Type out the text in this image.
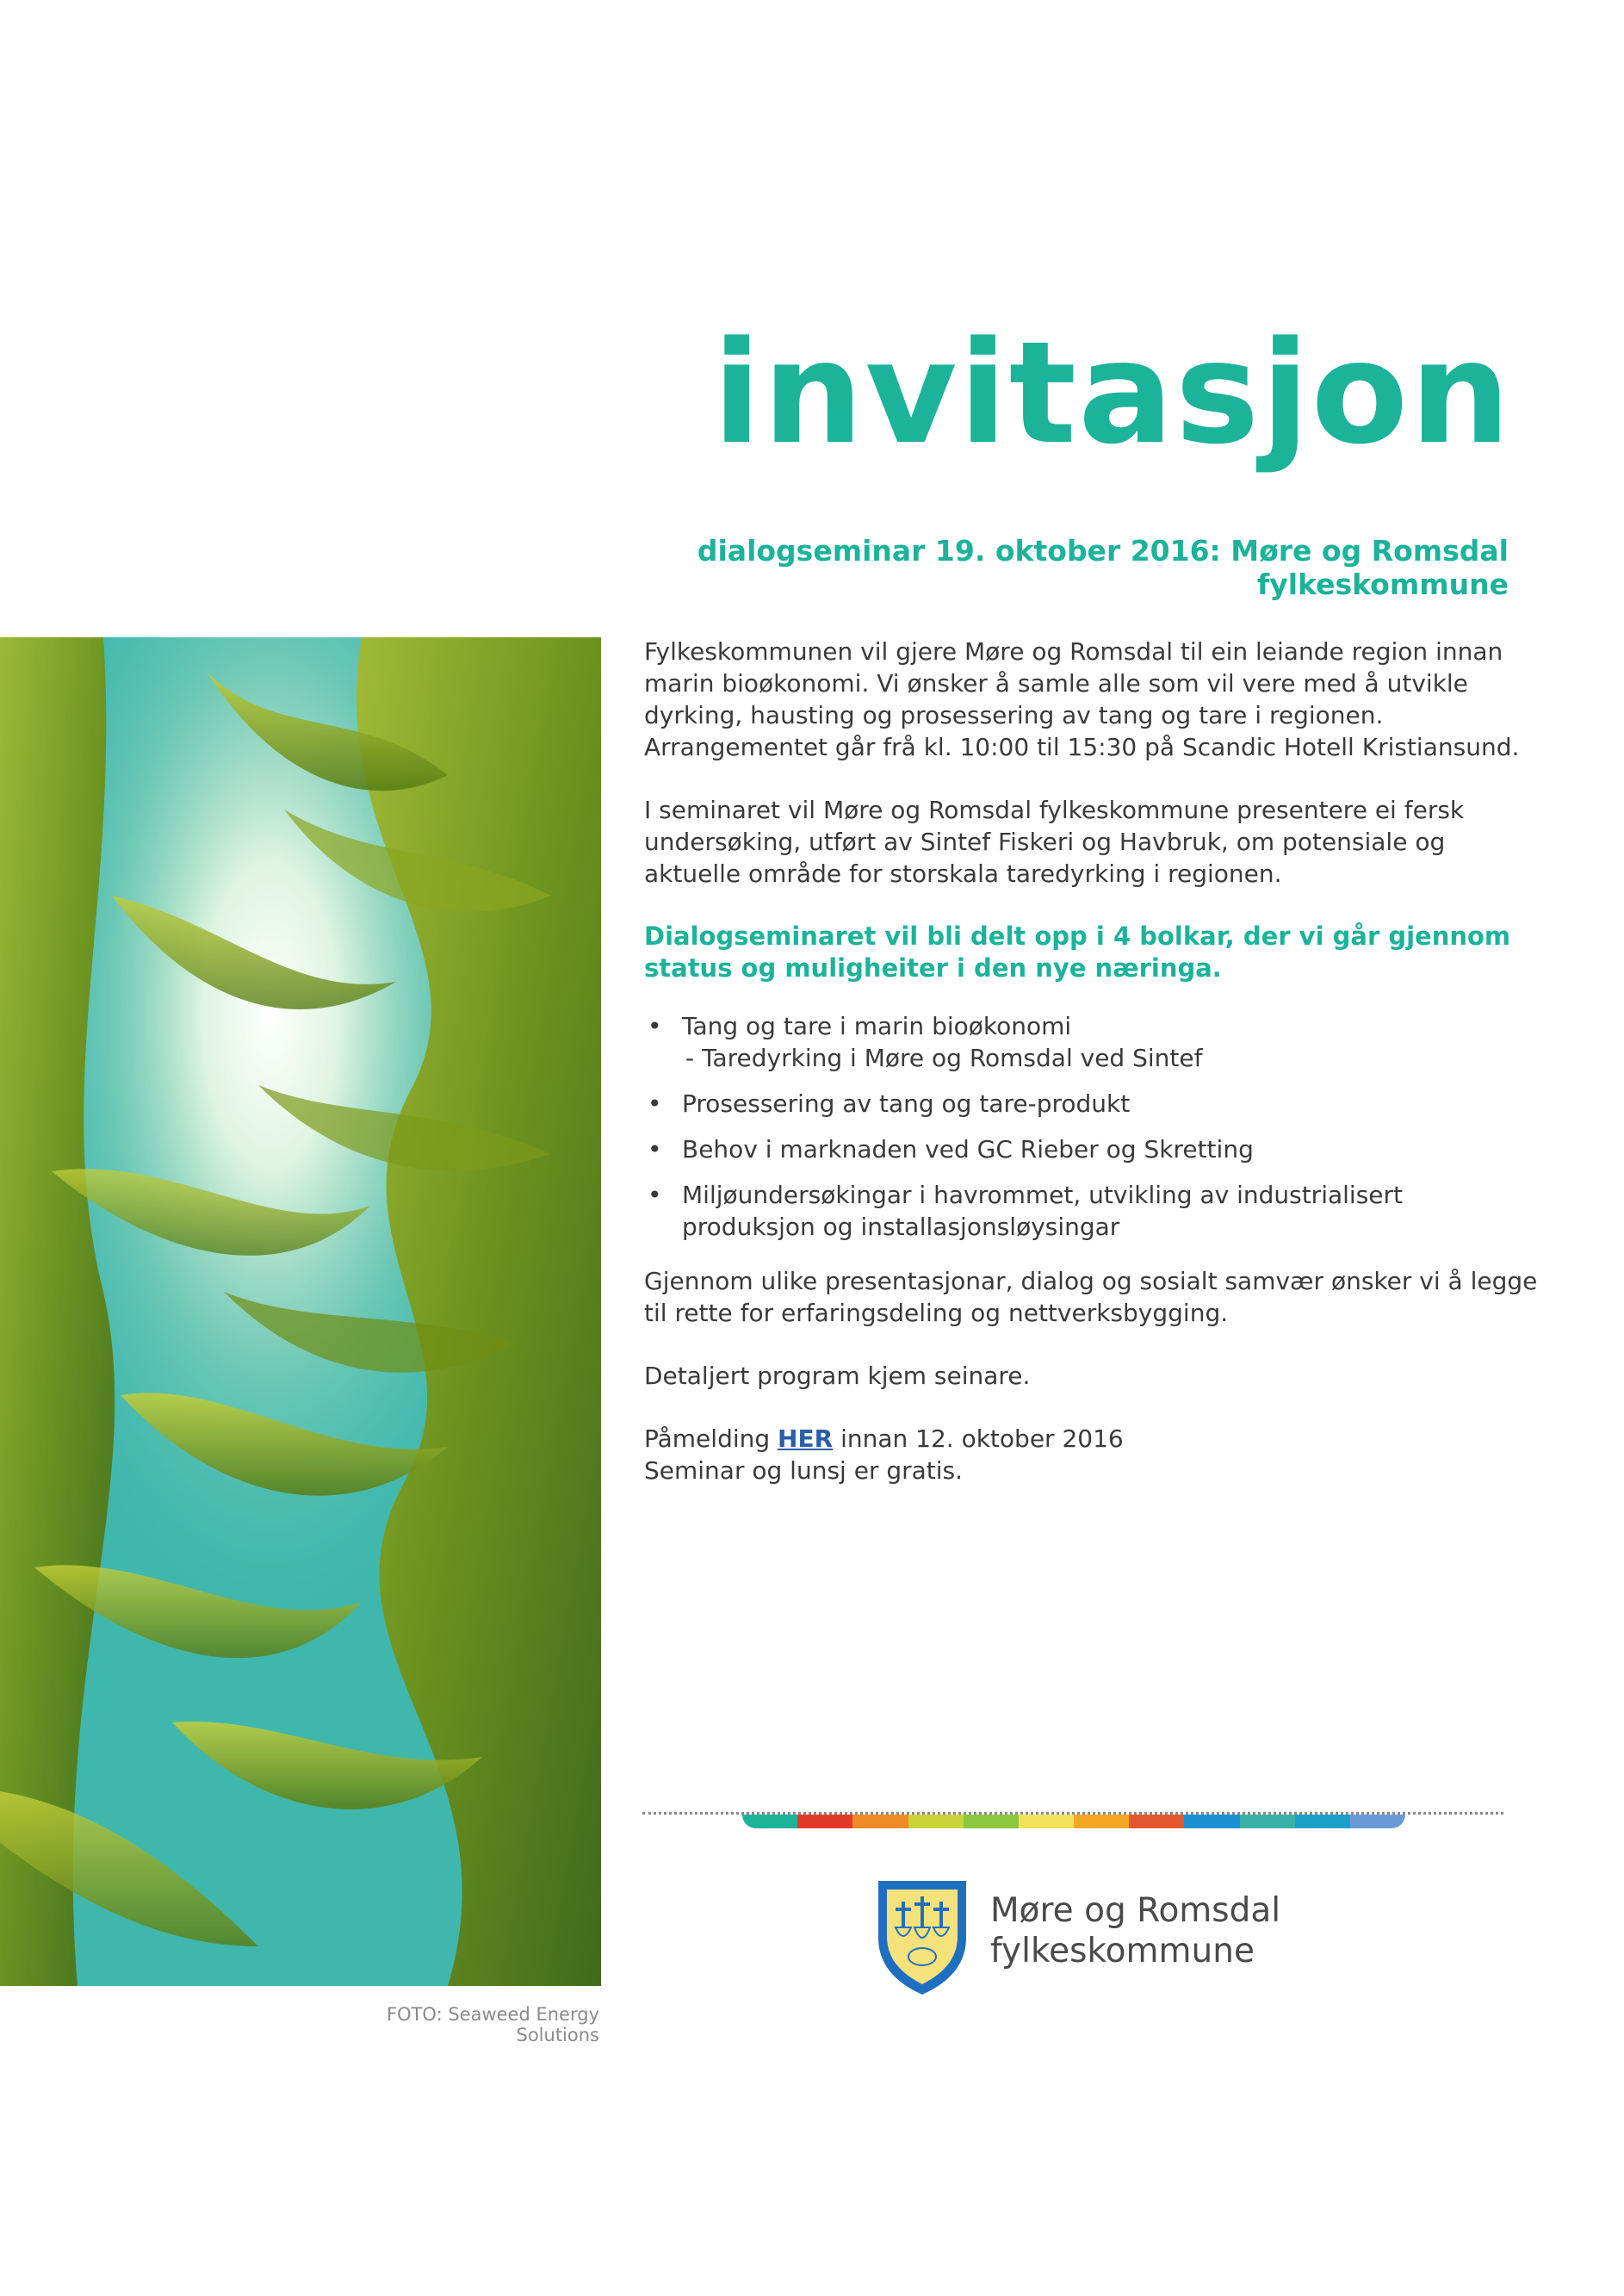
invitasjon
dialogseminar 19. oktober 2016: Møre og Romsdal fylkeskommune
FOTO: Seaweed Energy Solutions

Fylkeskommunen vil gjere Møre og Romsdal til ein leiande region innan marin bioøkonomi. Vi ønsker å samle alle som vil vere med å utvikle dyrking, hausting og prosessering av tang og tare i regionen. Arrangementet går frå kl. 10:00 til 15:30 på Scandic Hotell Kristiansund.

I seminaret vil Møre og Romsdal fylkeskommune presentere ei fersk undersøking, utført av Sintef Fiskeri og Havbruk, om potensiale og aktuelle område for storskala taredyrking i regionen.

Dialogseminaret vil bli delt opp i 4 bolkar, der vi går gjennom status og muligheiter i den nye næringa.

• Tang og tare i marin bioøkonomi

- Taredyrking i Møre og Romsdal ved Sintef
• Prosessering av tang og tare-produkt
• Behov i marknaden ved GC Rieber og Skretting
• Miljøundersøkingar i havrommet, utvikling av industrialisert produksjon og installasjonsløysingar

Gjennom ulike presentasjonar, dialog og sosialt samvær ønsker vi å legge til rette for erfaringsdeling og nettverksbygging.

Detaljert program kjem seinare.

Påmelding HER innan 12. oktober 2016

Seminar og lunsj er gratis.

Møre og Romsdal
fylkeskommune
